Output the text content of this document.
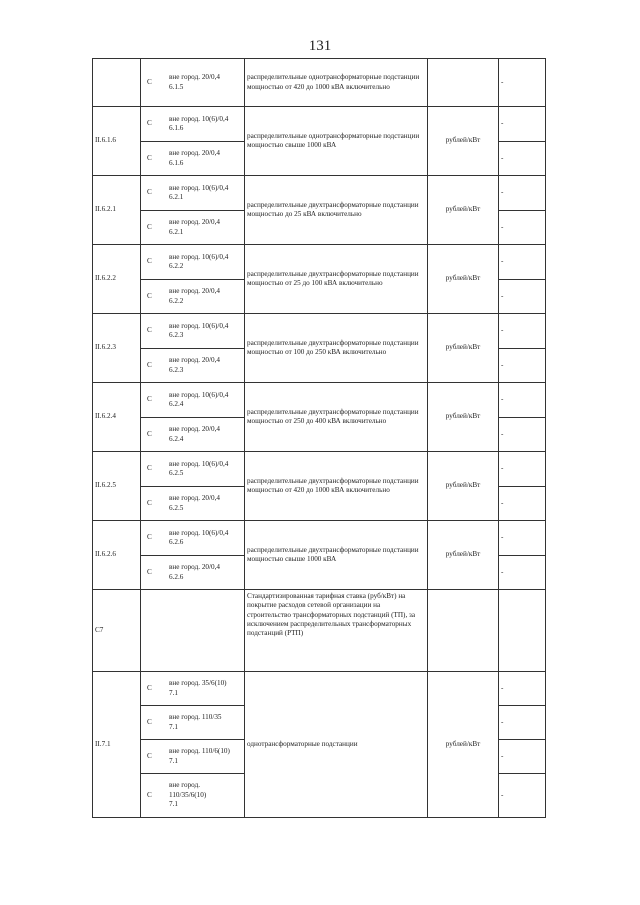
131

	С
вне город. 20/0,4
6.1.5	распределительные однотрансформаторные подстанции мощностью от 420 до 1000 кВА включительно		-
II.6.1.6	С
вне город. 10(6)/0,4
6.1.6	распределительные однотрансформаторные подстанции мощностью свыше 1000 кВА	рублей/кВт	-

	С
вне город. 20/0,4
6.1.6			-
II.6.2.1	С
вне город. 10(6)/0,4
6.2.1	распределительные двухтрансформаторные подстанции мощностью до 25 кВА включительно	рублей/кВт	-

	С
вне город. 20/0,4
6.2.1			-
II.6.2.2	С
вне город. 10(6)/0,4
6.2.2	распределительные двухтрансформаторные подстанции мощностью от 25 до 100 кВА включительно	рублей/кВт	-

	С
вне город. 20/0,4
6.2.2			-
II.6.2.3	С
вне город. 10(6)/0,4
6.2.3	распределительные двухтрансформаторные подстанции мощностью от 100 до 250 кВА включительно	рублей/кВт	-

	С
вне город. 20/0,4
6.2.3			-
II.6.2.4	С
вне город. 10(6)/0,4
6.2.4	распределительные двухтрансформаторные подстанции мощностью от 250 до 400 кВА включительно	рублей/кВт	-

	С
вне город. 20/0,4
6.2.4			-
II.6.2.5	С
вне город. 10(6)/0,4
6.2.5	распределительные двухтрансформаторные подстанции мощностью от 420 до 1000 кВА включительно	рублей/кВт	-

	С
вне город. 20/0,4
6.2.5			-
II.6.2.6	С
вне город. 10(6)/0,4
6.2.6	распределительные двухтрансформаторные подстанции мощностью свыше 1000 кВА	рублей/кВт	-

	С
вне город. 20/0,4
6.2.6			-
С7		Стандартизированная тарифная ставка (руб/кВт) на покрытие расходов сетевой организации на строительство трансформаторных подстанций (ТП), за исключением распределительных трансформаторных подстанций (РТП)		
II.7.1	С
вне город. 35/6(10)
7.1	однотрансформаторные подстанции	рублей/кВт	-

	С
вне город. 110/35
7.1			-

	С
вне город. 110/6(10)
7.1			-

	С
вне город.
110/35/6(10)
7.1			-
